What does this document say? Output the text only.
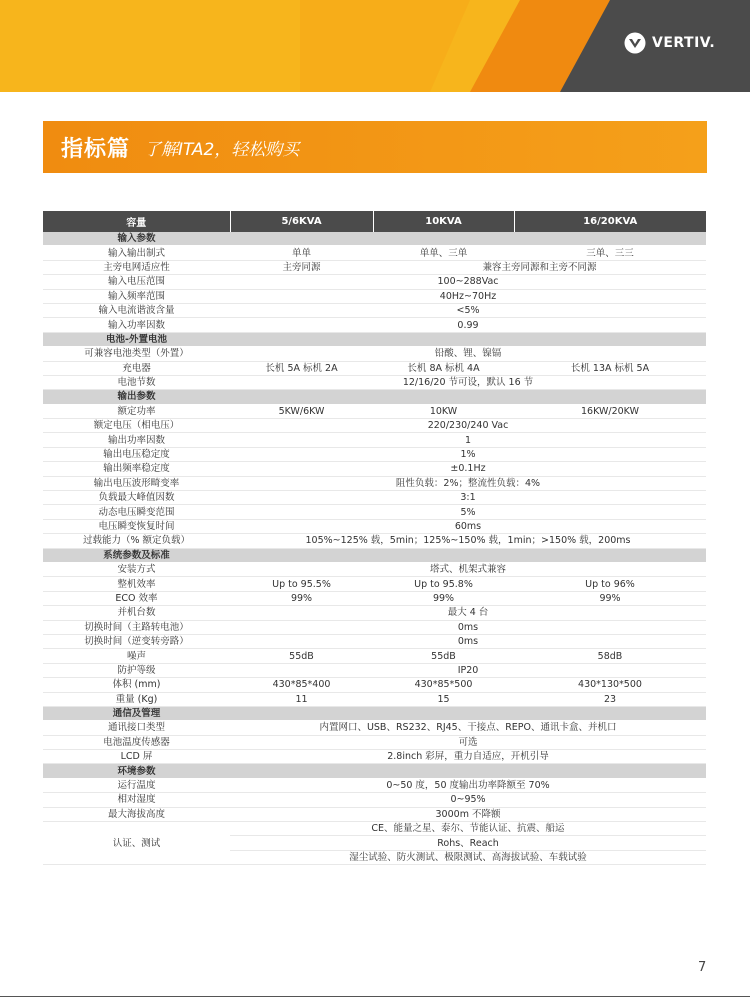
VERTIV.
指标篇 了解ITA2，轻松购买
容量	5/6KVA	10KVA	16/20KVA
输入参数			
输入输出制式	单单	单单、三单	三单、三三
主旁电网适应性	主旁同源	兼容主旁同源和主旁不同源	
输入电压范围	100~288Vac		
输入频率范围	40Hz~70Hz		
输入电流谐波含量	<5%		
输入功率因数	0.99		
电池-外置电池			
可兼容电池类型（外置）	铅酸、锂、镍镉		
充电器	长机 5A 标机 2A	长机 8A 标机 4A	长机 13A 标机 5A
电池节数	12/16/20 节可设，默认 16 节		
输出参数			
额定功率	5KW/6KW	10KW	16KW/20KW
额定电压（相电压）	220/230/240 Vac		
输出功率因数	1		
输出电压稳定度	1%		
输出频率稳定度	±0.1Hz		
输出电压波形畸变率	阻性负载：2%；整流性负载：4%		
负载最大峰值因数	3:1		
动态电压瞬变范围	5%		
电压瞬变恢复时间	60ms		
过载能力（% 额定负载）	105%~125% 载，5min；125%~150% 载，1min；>150% 载，200ms		
系统参数及标准			
安装方式	塔式、机架式兼容		
整机效率	Up to 95.5%	Up to 95.8%	Up to 96%
ECO 效率	99%	99%	99%
并机台数	最大 4 台		
切换时间（主路转电池）	0ms		
切换时间（逆变转旁路）	0ms		
噪声	55dB	55dB	58dB
防护等级	IP20		
体积 (mm)	430*85*400	430*85*500	430*130*500
重量 (Kg)	11	15	23
通信及管理			
通讯接口类型	内置网口、USB、RS232、RJ45、干接点、REPO、通讯卡盒、并机口		
电池温度传感器	可选		
LCD 屏	2.8inch 彩屏，重力自适应，开机引导		
环境参数			
运行温度	0~50 度，50 度输出功率降额至 70%		
相对湿度	0~95%		
最大海拔高度	3000m 不降额		
认证、测试	CE、能量之星、泰尔、节能认证、抗震、船运		
	Rohs、Reach		
	湿尘试验、防火测试、极限测试、高海拔试验、车载试验		
7
